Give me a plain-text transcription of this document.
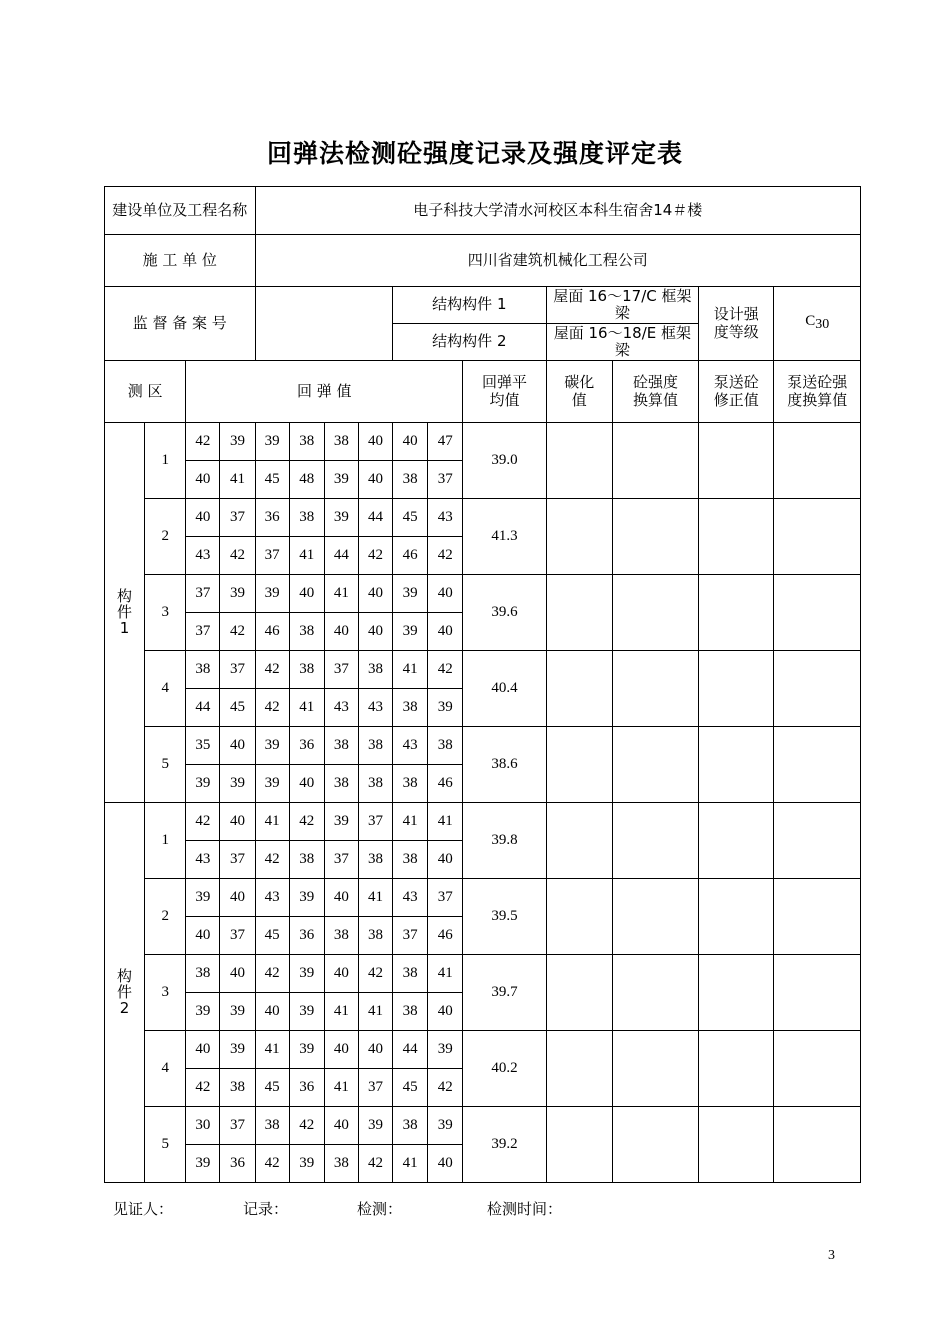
回弹法检测砼强度记录及强度评定表
建设单位及工程名称				电子科技大学清水河校区本科生宿舍14＃楼										
施 工 单 位				四川省建筑机械化工程公司										
监 督 备 案 号								结构构件 1			屋面 16～17/C 框架梁		设计强度等级	$C_{30}$
								结构构件 2			屋面 16～18/E 框架梁			
测 区		回 弹 值								回弹平均值	碳化值	砼强度换算值	泵送砼修正值	泵送砼强度换算值
构件1	1	42	39	39	38	38	40	40	47	39.0				
		40	41	45	48	39	40	38	37					
	2	40	37	36	38	39	44	45	43	41.3				
		43	42	37	41	44	42	46	42					
	3	37	39	39	40	41	40	39	40	39.6				
		37	42	46	38	40	40	39	40					
	4	38	37	42	38	37	38	41	42	40.4				
		44	45	42	41	43	43	38	39					
	5	35	40	39	36	38	38	43	38	38.6				
		39	39	39	40	38	38	38	46					
构件2	1	42	40	41	42	39	37	41	41	39.8				
		43	37	42	38	37	38	38	40					
	2	39	40	43	39	40	41	43	37	39.5				
		40	37	45	36	38	38	37	46					
	3	38	40	42	39	40	42	38	41	39.7				
		39	39	40	39	41	41	38	40					
	4	40	39	41	39	40	40	44	39	40.2				
		42	38	45	36	41	37	45	42					
	5	30	37	38	42	40	39	38	39	39.2				
		39	36	42	39	38	42	41	40					
见证人：	记录：	检测：	检测时间：
3
